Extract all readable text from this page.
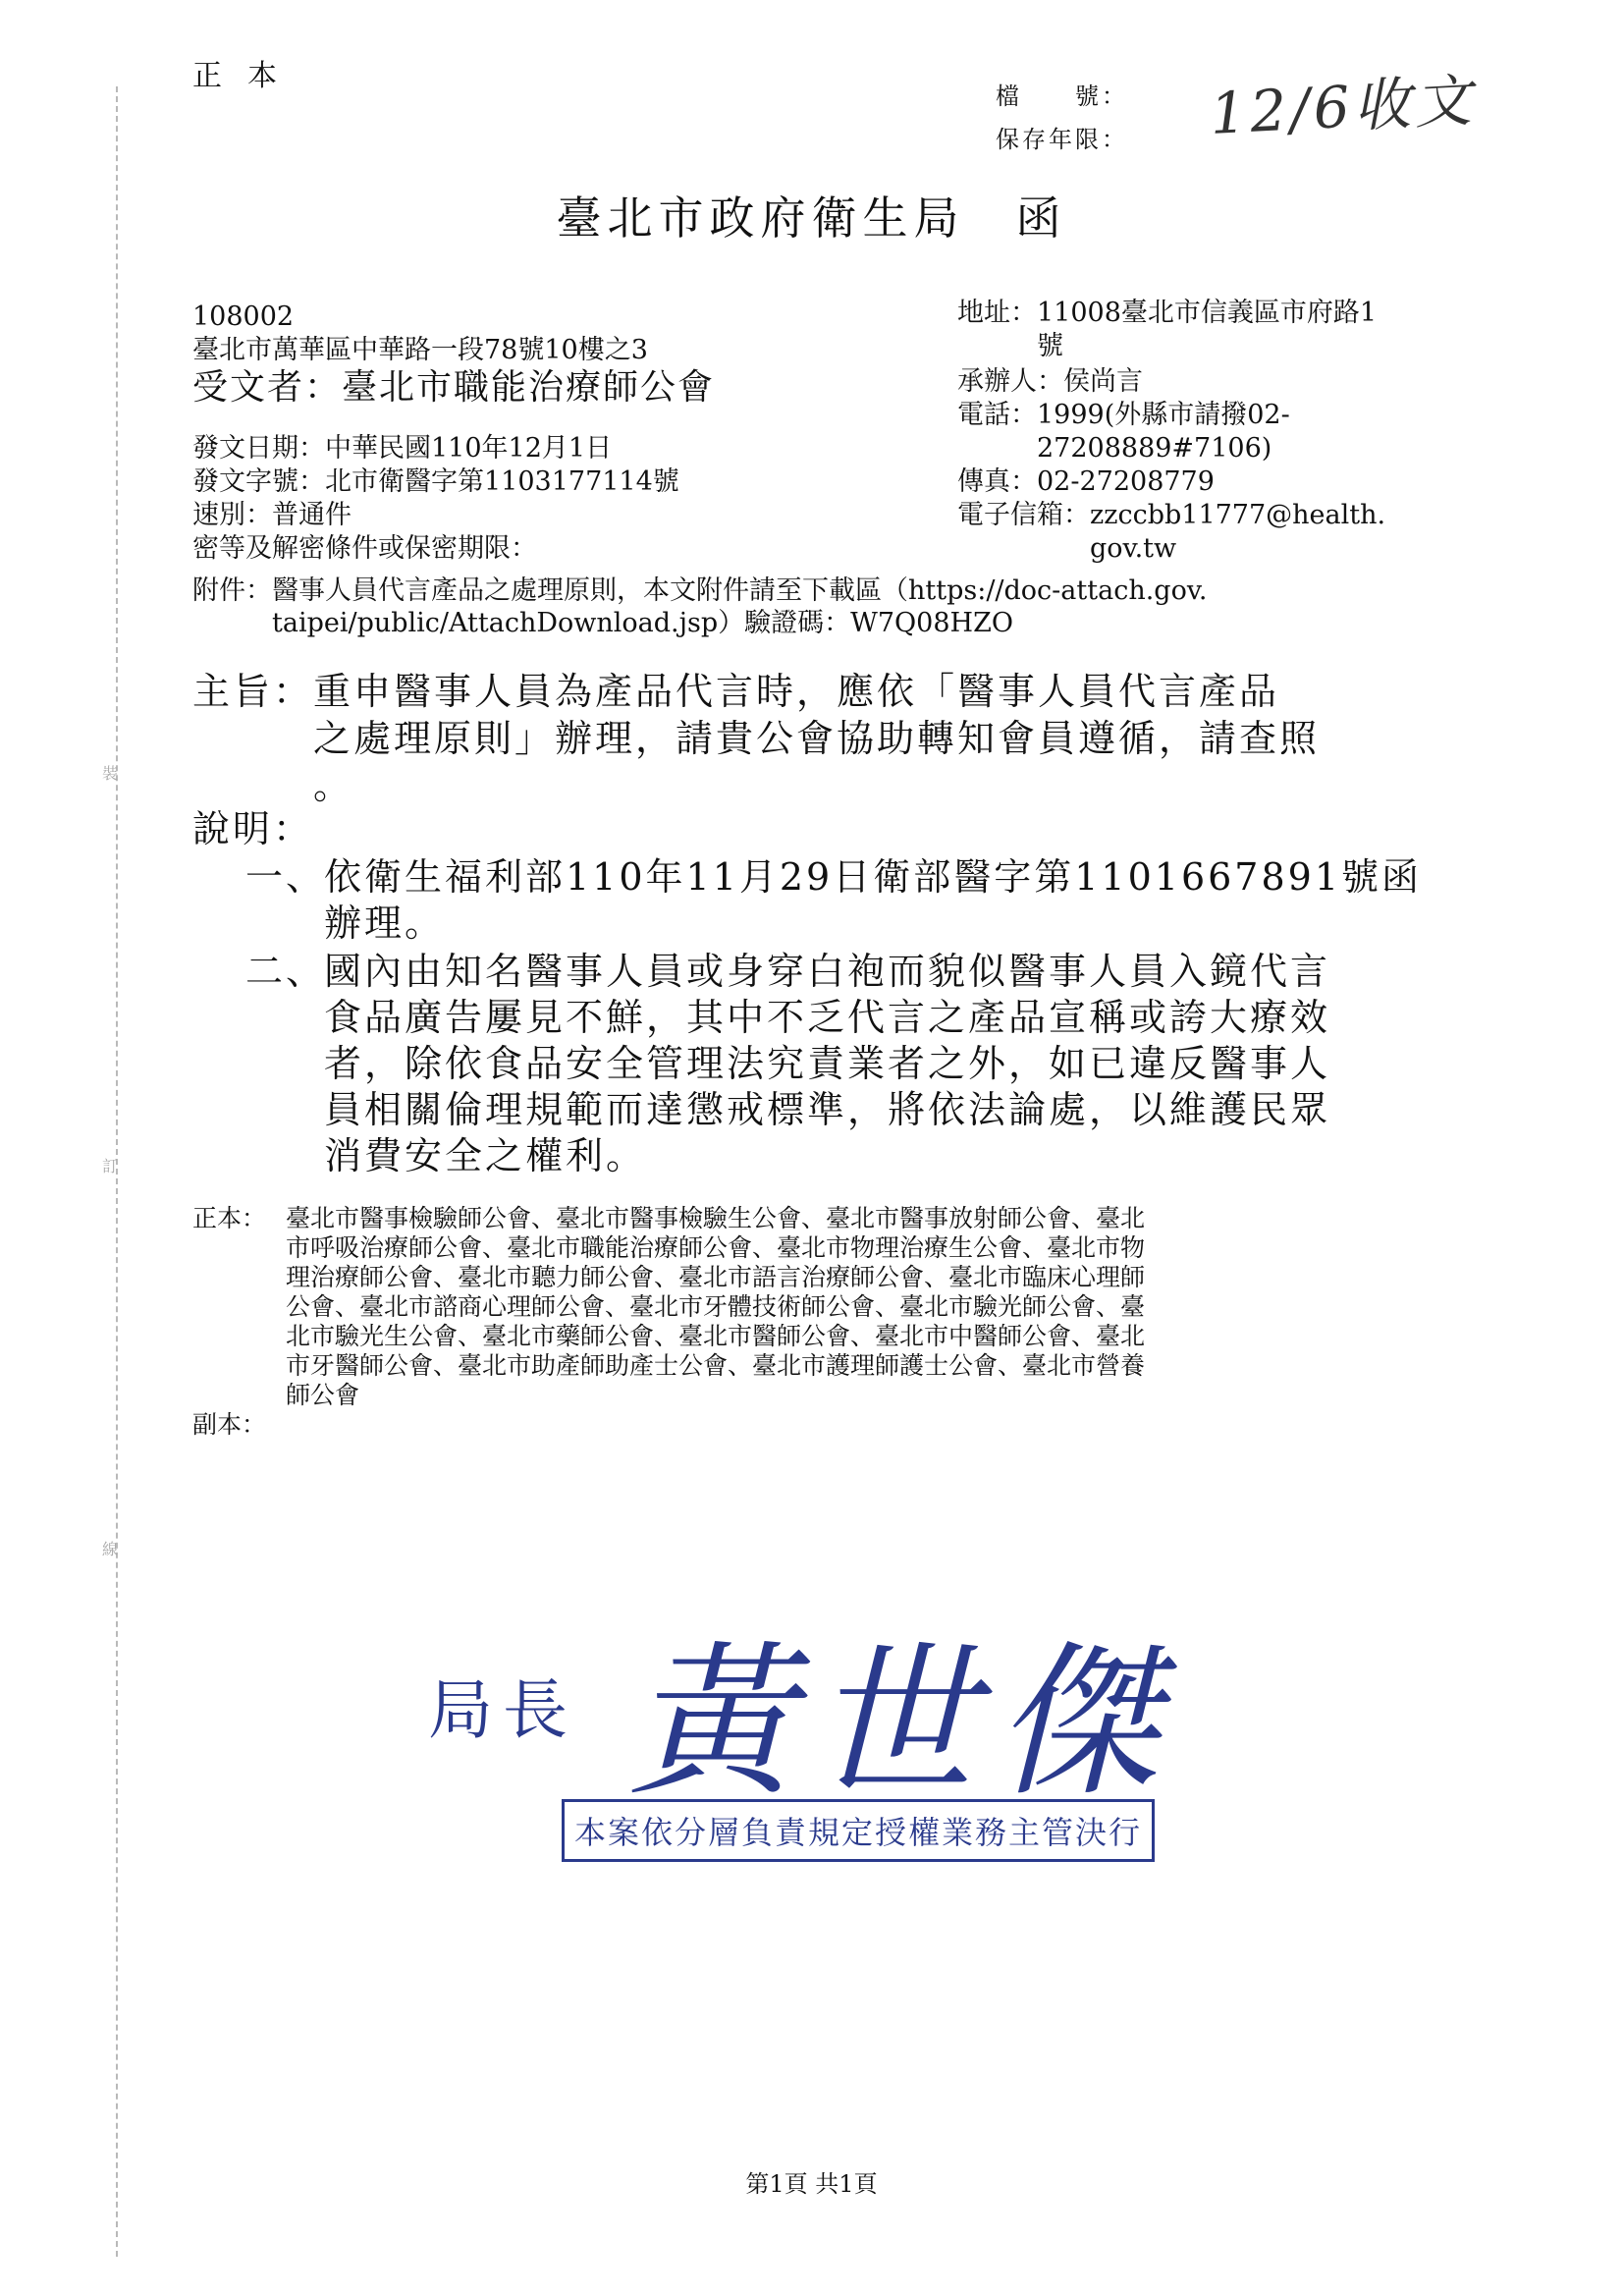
裝
訂
線
正本
檔　　號：
保存年限： 12/6收文
臺北市政府衛生局　函
108002
臺北市萬華區中華路一段78號10樓之3
受文者：臺北市職能治療師公會
發文日期：中華民國110年12月1日
發文字號：北市衛醫字第1103177114號
速別：普通件
密等及解密條件或保密期限：
地址：11008臺北市信義區市府路1
　　　號
承辦人：侯尚言
電話：1999(外縣市請撥02-
　　　27208889#7106)
傳真：02-27208779
電子信箱：zzccbb11777@health.
　　　　　gov.tw
附件：醫事人員代言產品之處理原則，本文附件請至下載區（https://doc-attach.gov.
　　　taipei/public/AttachDownload.jsp）驗證碼：W7Q08HZO
主旨：重申醫事人員為產品代言時，應依「醫事人員代言產品
　　　之處理原則」辦理，請貴公會協助轉知會員遵循，請查照
　　　。
說明：
一、
依衛生福利部110年11月29日衛部醫字第1101667891號函
辦理。
二、
國內由知名醫事人員或身穿白袍而貌似醫事人員入鏡代言
食品廣告屢見不鮮，其中不乏代言之產品宣稱或誇大療效
者，除依食品安全管理法究責業者之外，如已違反醫事人
員相關倫理規範而達懲戒標準，將依法論處，以維護民眾
消費安全之權利。
正本： 臺北市醫事檢驗師公會、臺北市醫事檢驗生公會、臺北市醫事放射師公會、臺北
市呼吸治療師公會、臺北市職能治療師公會、臺北市物理治療生公會、臺北市物
理治療師公會、臺北市聽力師公會、臺北市語言治療師公會、臺北市臨床心理師
公會、臺北市諮商心理師公會、臺北市牙體技術師公會、臺北市驗光師公會、臺
北市驗光生公會、臺北市藥師公會、臺北市醫師公會、臺北市中醫師公會、臺北
市牙醫師公會、臺北市助產師助產士公會、臺北市護理師護士公會、臺北市營養
師公會
副本：
局長 黃世傑
本案依分層負責規定授權業務主管決行
第1頁 共1頁
